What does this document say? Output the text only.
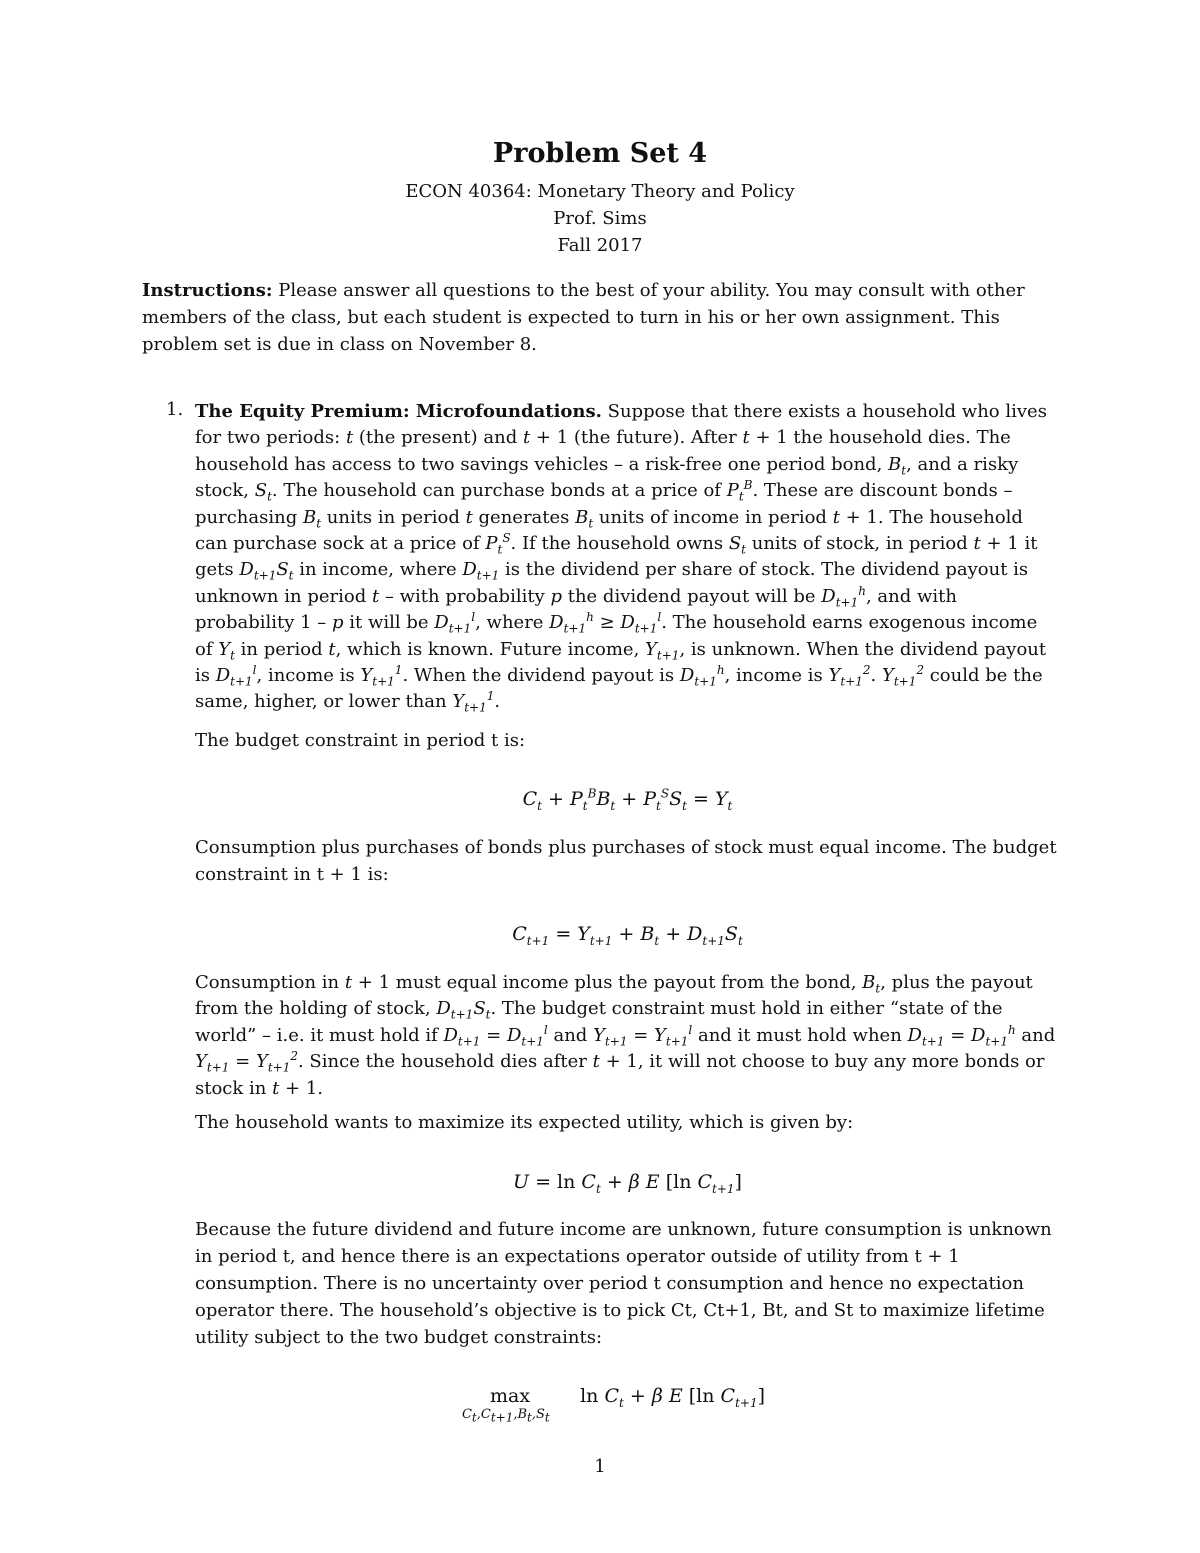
Problem Set 4
ECON 40364: Monetary Theory and Policy
Prof. Sims
Fall 2017
Instructions: Please answer all questions to the best of your ability. You may consult with other members of the class, but each student is expected to turn in his or her own assignment. This problem set is due in class on November 8.
1. The Equity Premium: Microfoundations. Suppose that there exists a household who lives for two periods: t (the present) and t + 1 (the future). After t + 1 the household dies. The household has access to two savings vehicles – a risk-free one period bond, $B_t$, and a risky stock, $S_t$. The household can purchase bonds at a price of $P_t^B$. These are discount bonds – purchasing $B_t$ units in period t generates $B_t$ units of income in period t + 1. The household can purchase sock at a price of $P_t^S$. If the household owns $S_t$ units of stock, in period t + 1 it gets $D_{t+1}S_t$ in income, where $D_{t+1}$ is the dividend per share of stock. The dividend payout is unknown in period t – with probability p the dividend payout will be $D_{t+1}^h$, and with probability 1 – p it will be $D_{t+1}^l$, where $D_{t+1}^h \ge D_{t+1}^l$. The household earns exogenous income of $Y_t$ in period t, which is known. Future income, $Y_{t+1}$, is unknown. When the dividend payout is $D_{t+1}^l$, income is $Y_{t+1}^1$. When the dividend payout is $D_{t+1}^h$, income is $Y_{t+1}^2$. $Y_{t+1}^2$ could be the same, higher, or lower than $Y_{t+1}^1$.
The budget constraint in period t is:
$C_t + P_t^BB_t + P_t^SS_t = Y_t$
Consumption plus purchases of bonds plus purchases of stock must equal income. The budget constraint in t + 1 is:
$C_{t+1} = Y_{t+1} + B_t + D_{t+1}S_t$
Consumption in t + 1 must equal income plus the payout from the bond, $B_t$, plus the payout from the holding of stock, $D_{t+1}S_t$. The budget constraint must hold in either “state of the world” – i.e. it must hold if $D_{t+1} = D_{t+1}^l$ and $Y_{t+1} = Y_{t+1}^l$ and it must hold when $D_{t+1} = D_{t+1}^h$ and $Y_{t+1} = Y_{t+1}^2$. Since the household dies after t + 1, it will not choose to buy any more bonds or stock in t + 1.
The household wants to maximize its expected utility, which is given by:
$U = \ln C_t + \beta$ E [ln $C_{t+1}$]
Because the future dividend and future income are unknown, future consumption is unknown in period t, and hence there is an expectations operator outside of utility from t + 1 consumption. There is no uncertainty over period t consumption and hence no expectation operator there. The household’s objective is to pick Ct, Ct+1, Bt, and St to maximize lifetime utility subject to the two budget constraints:
max
$C_t,C_{t+1},B_t,S_t$
$\ln C_t + \beta$ E [ln $C_{t+1}$]
1
